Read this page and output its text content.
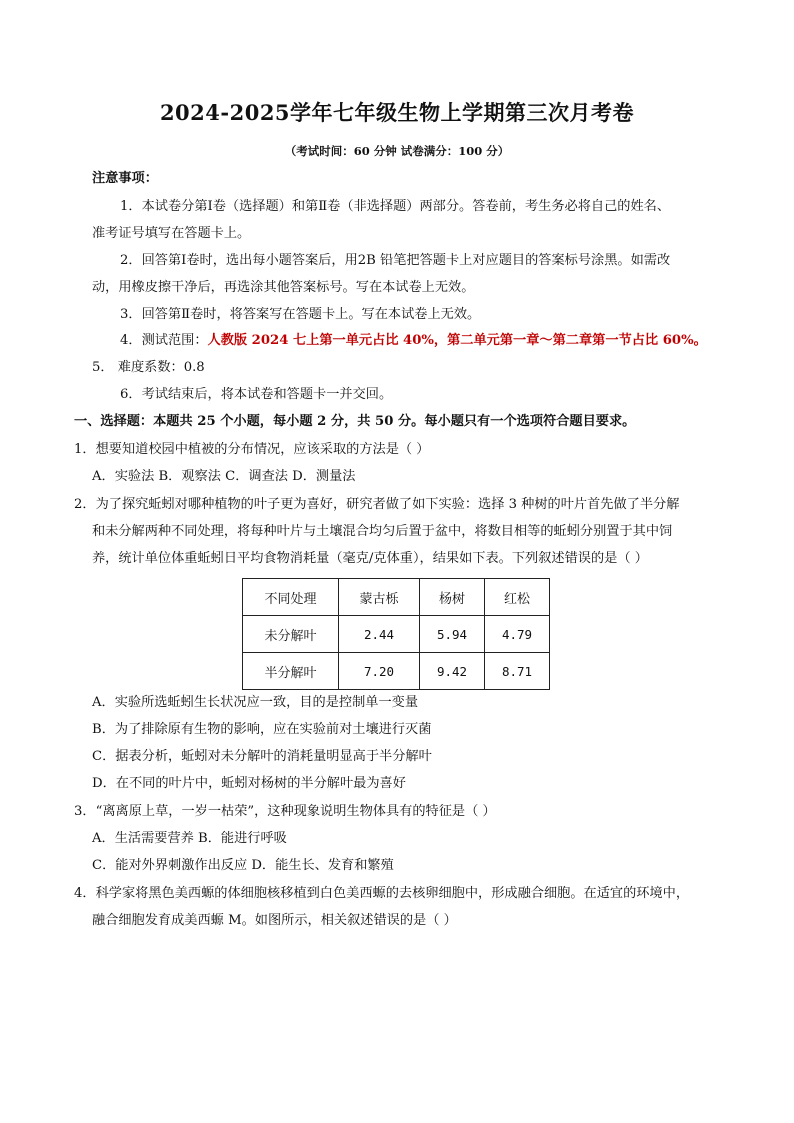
2024-2025学年七年级生物上学期第三次月考卷
（考试时间：60 分钟 试卷满分：100 分）
注意事项：
1．本试卷分第Ⅰ卷（选择题）和第Ⅱ卷（非选择题）两部分。答卷前，考生务必将自己的姓名、
准考证号填写在答题卡上。
2．回答第Ⅰ卷时，选出每小题答案后，用2B 铅笔把答题卡上对应题目的答案标号涂黑。如需改
动，用橡皮擦干净后，再选涂其他答案标号。写在本试卷上无效。
3．回答第Ⅱ卷时，将答案写在答题卡上。写在本试卷上无效。
4．测试范围：人教版 2024 七上第一单元占比 40%，第二单元第一章～第二章第一节占比 60%。
5． 难度系数：0.8
6．考试结束后，将本试卷和答题卡一并交回。
一、选择题：本题共 25 个小题，每小题 2 分，共 50 分。每小题只有一个选项符合题目要求。
1．想要知道校园中植被的分布情况，应该采取的方法是（ ）
A．实验法 B．观察法 C．调查法 D．测量法
2．为了探究蚯蚓对哪种植物的叶子更为喜好，研究者做了如下实验：选择 3 种树的叶片首先做了半分解
和未分解两种不同处理，将每种叶片与土壤混合均匀后置于盆中，将数目相等的蚯蚓分别置于其中饲
养，统计单位体重蚯蚓日平均食物消耗量（毫克/克体重），结果如下表。下列叙述错误的是（ ）
不同处理	蒙古栎	杨树	红松
未分解叶	2.44	5.94	4.79
半分解叶	7.20	9.42	8.71
A．实验所选蚯蚓生长状况应一致，目的是控制单一变量
B．为了排除原有生物的影响，应在实验前对土壤进行灭菌
C．据表分析，蚯蚓对未分解叶的消耗量明显高于半分解叶
D．在不同的叶片中，蚯蚓对杨树的半分解叶最为喜好
3．“离离原上草，一岁一枯荣”，这种现象说明生物体具有的特征是（ ）
A．生活需要营养 B．能进行呼吸
C．能对外界刺激作出反应 D．能生长、发育和繁殖
4．科学家将黑色美西螈的体细胞核移植到白色美西螈的去核卵细胞中，形成融合细胞。在适宜的环境中，
融合细胞发育成美西螈 M。如图所示，相关叙述错误的是（ ）
